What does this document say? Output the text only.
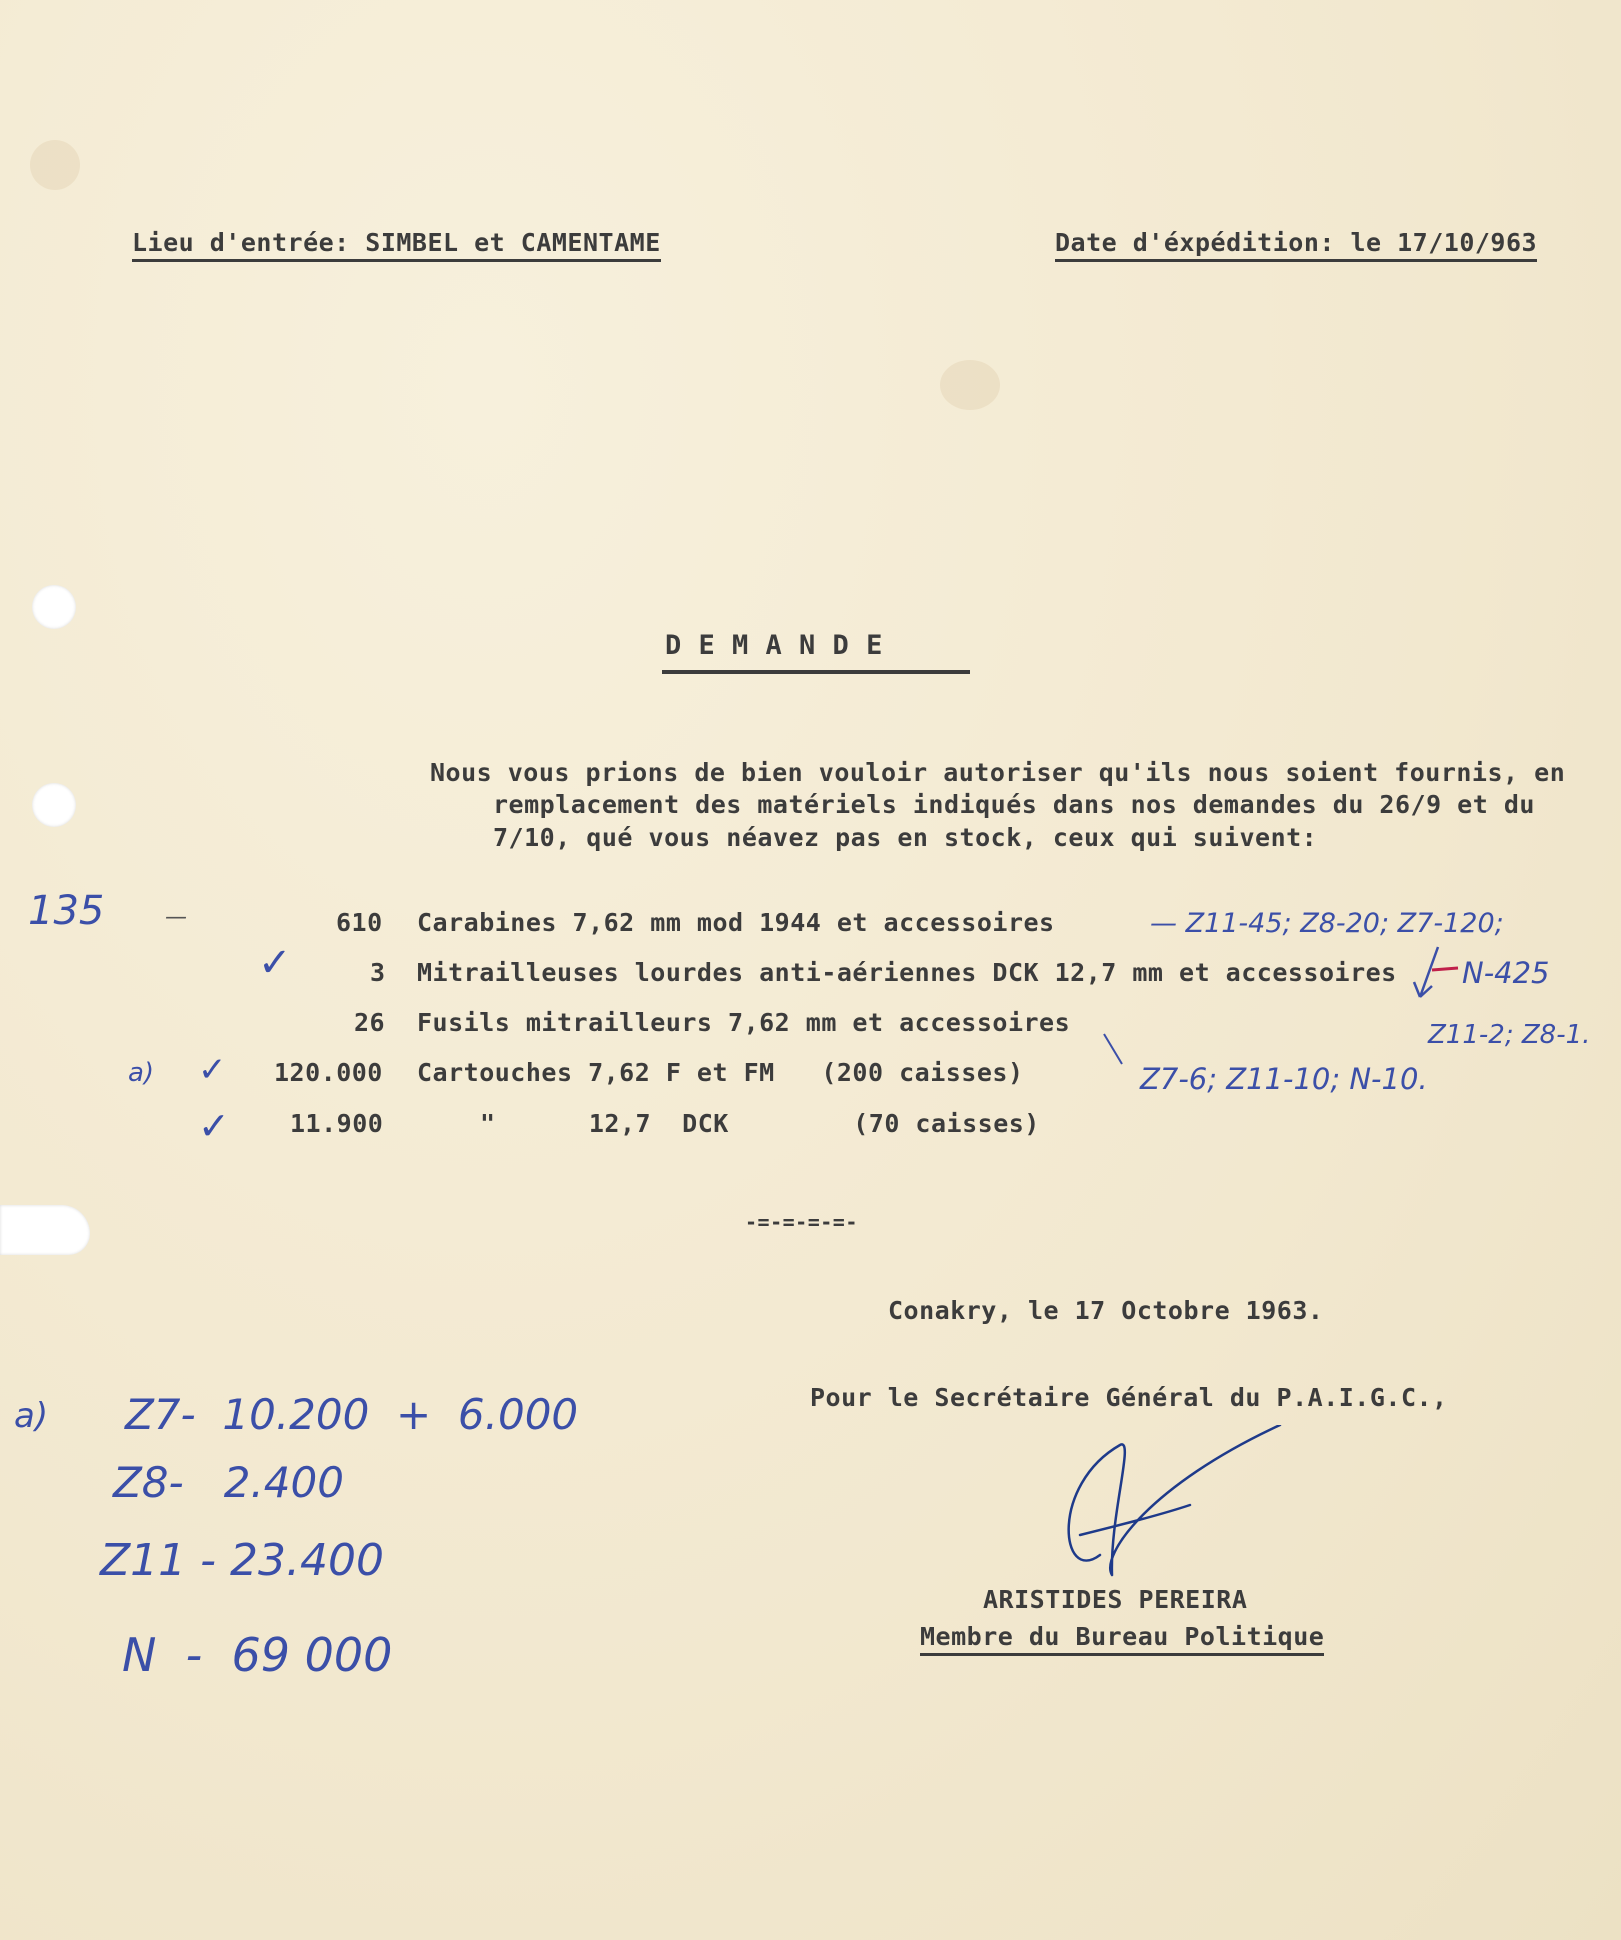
Lieu d'entrée: SIMBEL et CAMENTAME	Date d'éxpédition: le 17/10/963
D E M A N D E
Nous vous prions de bien vouloir autoriser qu'ils nous soient fournis, en
remplacement des matériels indiqués dans nos demandes du 26/9 et du
7/10, qué vous néavez pas en stock, ceux qui suivent:
610 Carabines 7,62 mm mod 1944 et accessoires
3 Mitrailleuses lourdes anti-aériennes DCK 12,7 mm et accessoires
26 Fusils mitrailleurs 7,62 mm et accessoires
120.000 Cartouches 7,62 F et FM   (200 caisses)
11.900	"      12,7  DCK        (70 caisses)
-=-=-=-=-
Conakry, le 17 Octobre 1963.
Pour le Secrétaire Général du P.A.I.G.C.,
ARISTIDES PEREIRA
Membre du Bureau Politique
135	—
✓
a) ✓
✓
— Z11-45; Z8-20; Z7-120;
N-425
Z11-2; Z8-1.
Z7-6; Z11-10; N-10.
a) Z7-  10.200  +  6.000
Z8-   2.400
Z11 - 23.400
N  -  69 000
